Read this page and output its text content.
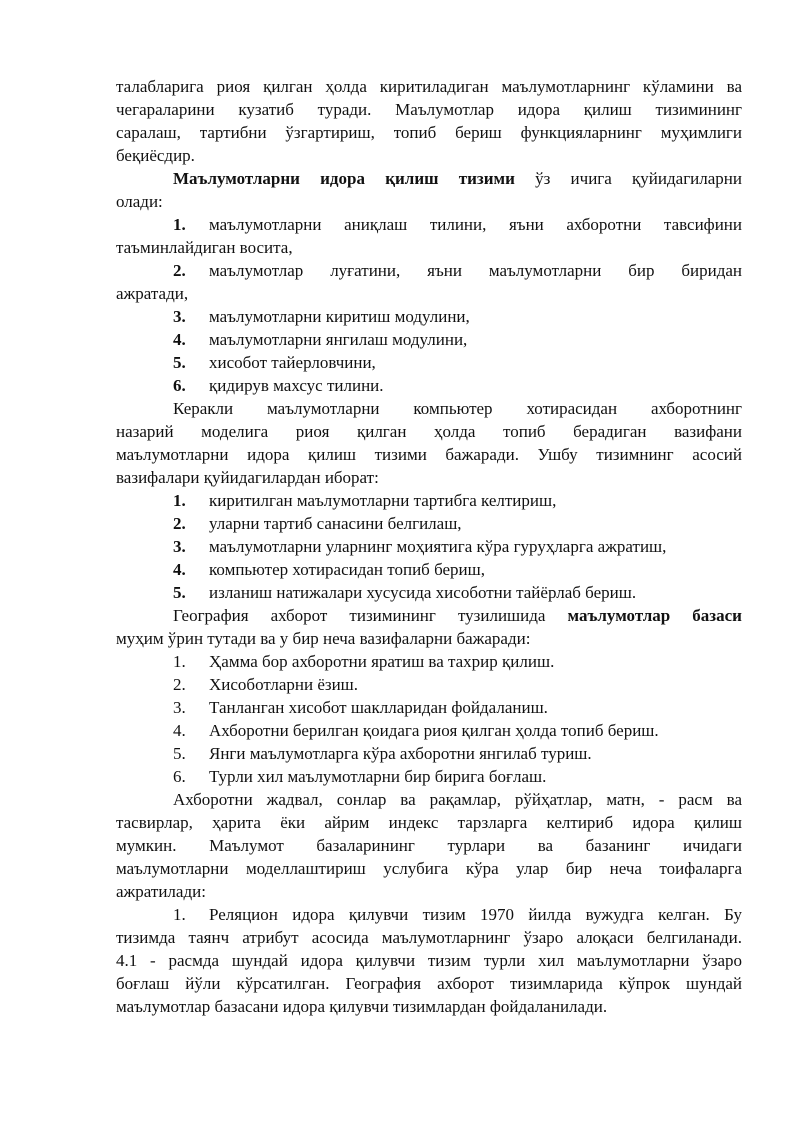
талабларига риоя қилган ҳолда киритиладиган маълумотларнинг кўламини ва
чегараларини кузатиб туради. Маълумотлар идора қилиш тизимининг
саралаш, тартибни ўзгартириш, топиб бериш функцияларнинг муҳимлиги
беқиёсдир.
Маълумотларни идора қилиш тизими ўз ичига қуйидагиларни
олади:
1. маълумотларни аниқлаш тилини, яъни ахборотни тавсифини
таъминлайдиган восита,
2. маълумотлар луғатини, яъни маълумотларни бир биридан
ажратади,
3.	маълумотларни киритиш модулини,
4.	маълумотларни янгилаш модулини,
5.	хисобот тайерловчини,
6.	қидирув махсус тилини.
Керакли маълумотларни компьютер хотирасидан ахборотнинг
назарий моделига риоя қилган ҳолда топиб берадиган вазифани
маълумотларни идора қилиш тизими бажаради. Ушбу тизимнинг асосий
вазифалари қуйидагилардан иборат:
1.	киритилган маълумотларни тартибга келтириш,
2.	уларни тартиб санасини белгилаш,
3.	маълумотларни уларнинг моҳиятига кўра гуруҳларга ажратиш,
4.	компьютер хотирасидан топиб бериш,
5.	изланиш натижалари хусусида хисоботни тайёрлаб бериш.
География ахборот тизимининг тузилишида маълумотлар базаси
муҳим ўрин тутади ва у бир неча вазифаларни бажаради:
1.	Ҳамма бор ахборотни яратиш ва тахрир қилиш.
2.	Хисоботларни ёзиш.
3.	Танланган хисобот шаклларидан фойдаланиш.
4.	Ахборотни берилган қоидага риоя қилган ҳолда топиб бериш.
5.	Янги маълумотларга кўра ахборотни янгилаб туриш.
6.	Турли хил маълумотларни бир бирига боғлаш.
Ахборотни жадвал, сонлар ва рақамлар, рўйҳатлар, матн, - расм ва
тасвирлар, ҳарита ёки айрим индекс тарзларга келтириб идора қилиш
мумкин. Маълумот базаларининг турлари ва базанинг ичидаги
маълумотларни моделлаштириш услубига кўра улар бир неча тоифаларга
ажратилади:
1.	Реляцион идора қилувчи тизим 1970 йилда вужудга келган. Бу
тизимда таянч атрибут асосида маълумотларнинг ўзаро алоқаси белгиланади.
4.1 - расмда шундай идора қилувчи тизим турли хил маълумотларни ўзаро
боғлаш йўли кўрсатилган. География ахборот тизимларида кўпрок шундай
маълумотлар базасани идора қилувчи тизимлардан фойдаланилади.
